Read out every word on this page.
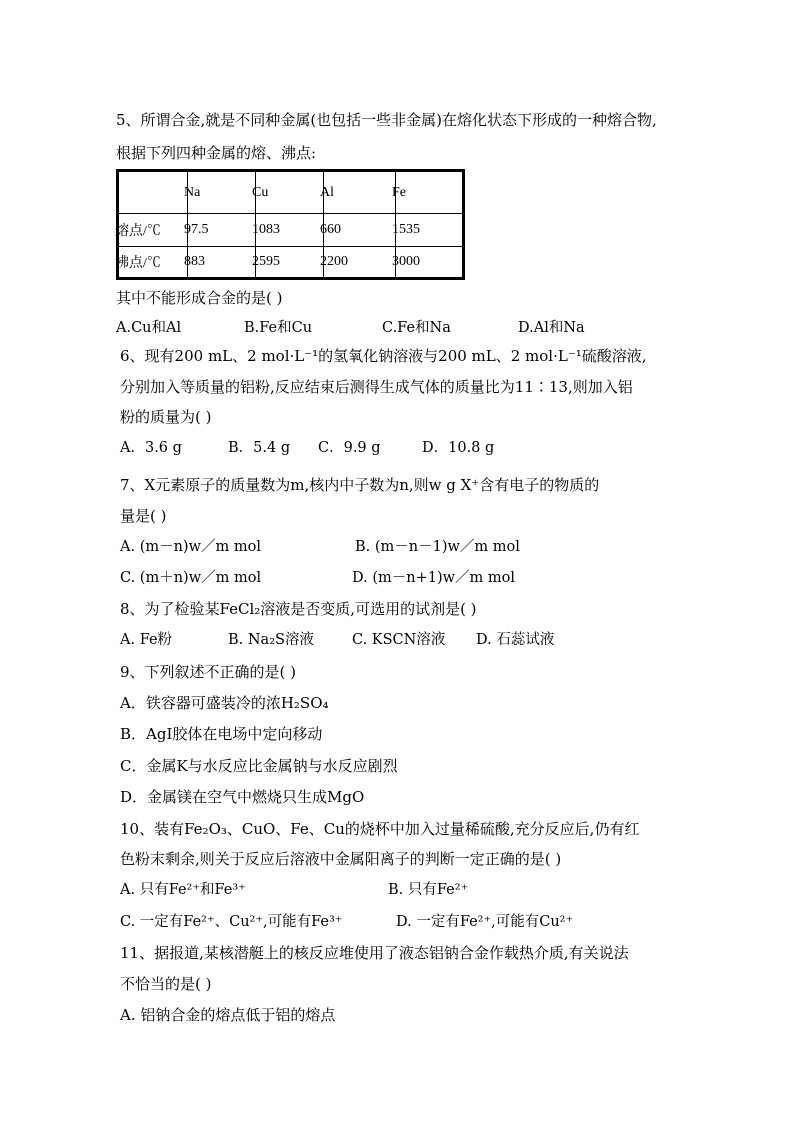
5、所谓合金,就是不同种金属(也包括一些非金属)在熔化状态下形成的一种熔合物,
根据下列四种金属的熔、沸点:
	Na	Cu	Al	Fe
熔点/℃	97.5	1083	660	1535
沸点/℃	883	2595	2200	3000
其中不能形成合金的是( )
A.Cu和Al	B.Fe和Cu	C.Fe和Na	D.Al和Na
6、现有200 mL、2 mol·L⁻¹的氢氧化钠溶液与200 mL、2 mol·L⁻¹硫酸溶液,
分别加入等质量的铝粉,反应结束后测得生成气体的质量比为11∶13,则加入铝
粉的质量为( )
A．3.6 g	B．5.4 g C．9.9 g	D．10.8 g
7、X元素原子的质量数为m,核内中子数为n,则w g X⁺含有电子的物质的
量是( )
A. (m－n)w／m mol	B. (m－n－1)w／m mol
C. (m＋n)w／m mol	D. (m－n+1)w／m mol
8、为了检验某FeCl₂溶液是否变质,可选用的试剂是( )
A. Fe粉	B. Na₂S溶液	C. KSCN溶液 D. 石蕊试液
9、下列叙述不正确的是( )
A．铁容器可盛装冷的浓H₂SO₄
B．AgI胶体在电场中定向移动
C．金属K与水反应比金属钠与水反应剧烈
D．金属镁在空气中燃烧只生成MgO
10、装有Fe₂O₃、CuO、Fe、Cu的烧杯中加入过量稀硫酸,充分反应后,仍有红
色粉末剩余,则关于反应后溶液中金属阳离子的判断一定正确的是( )
A. 只有Fe²⁺和Fe³⁺	B. 只有Fe²⁺
C. 一定有Fe²⁺、Cu²⁺,可能有Fe³⁺	D. 一定有Fe²⁺,可能有Cu²⁺
11、据报道,某核潜艇上的核反应堆使用了液态铝钠合金作载热介质,有关说法
不恰当的是( )
A. 铝钠合金的熔点低于铝的熔点
